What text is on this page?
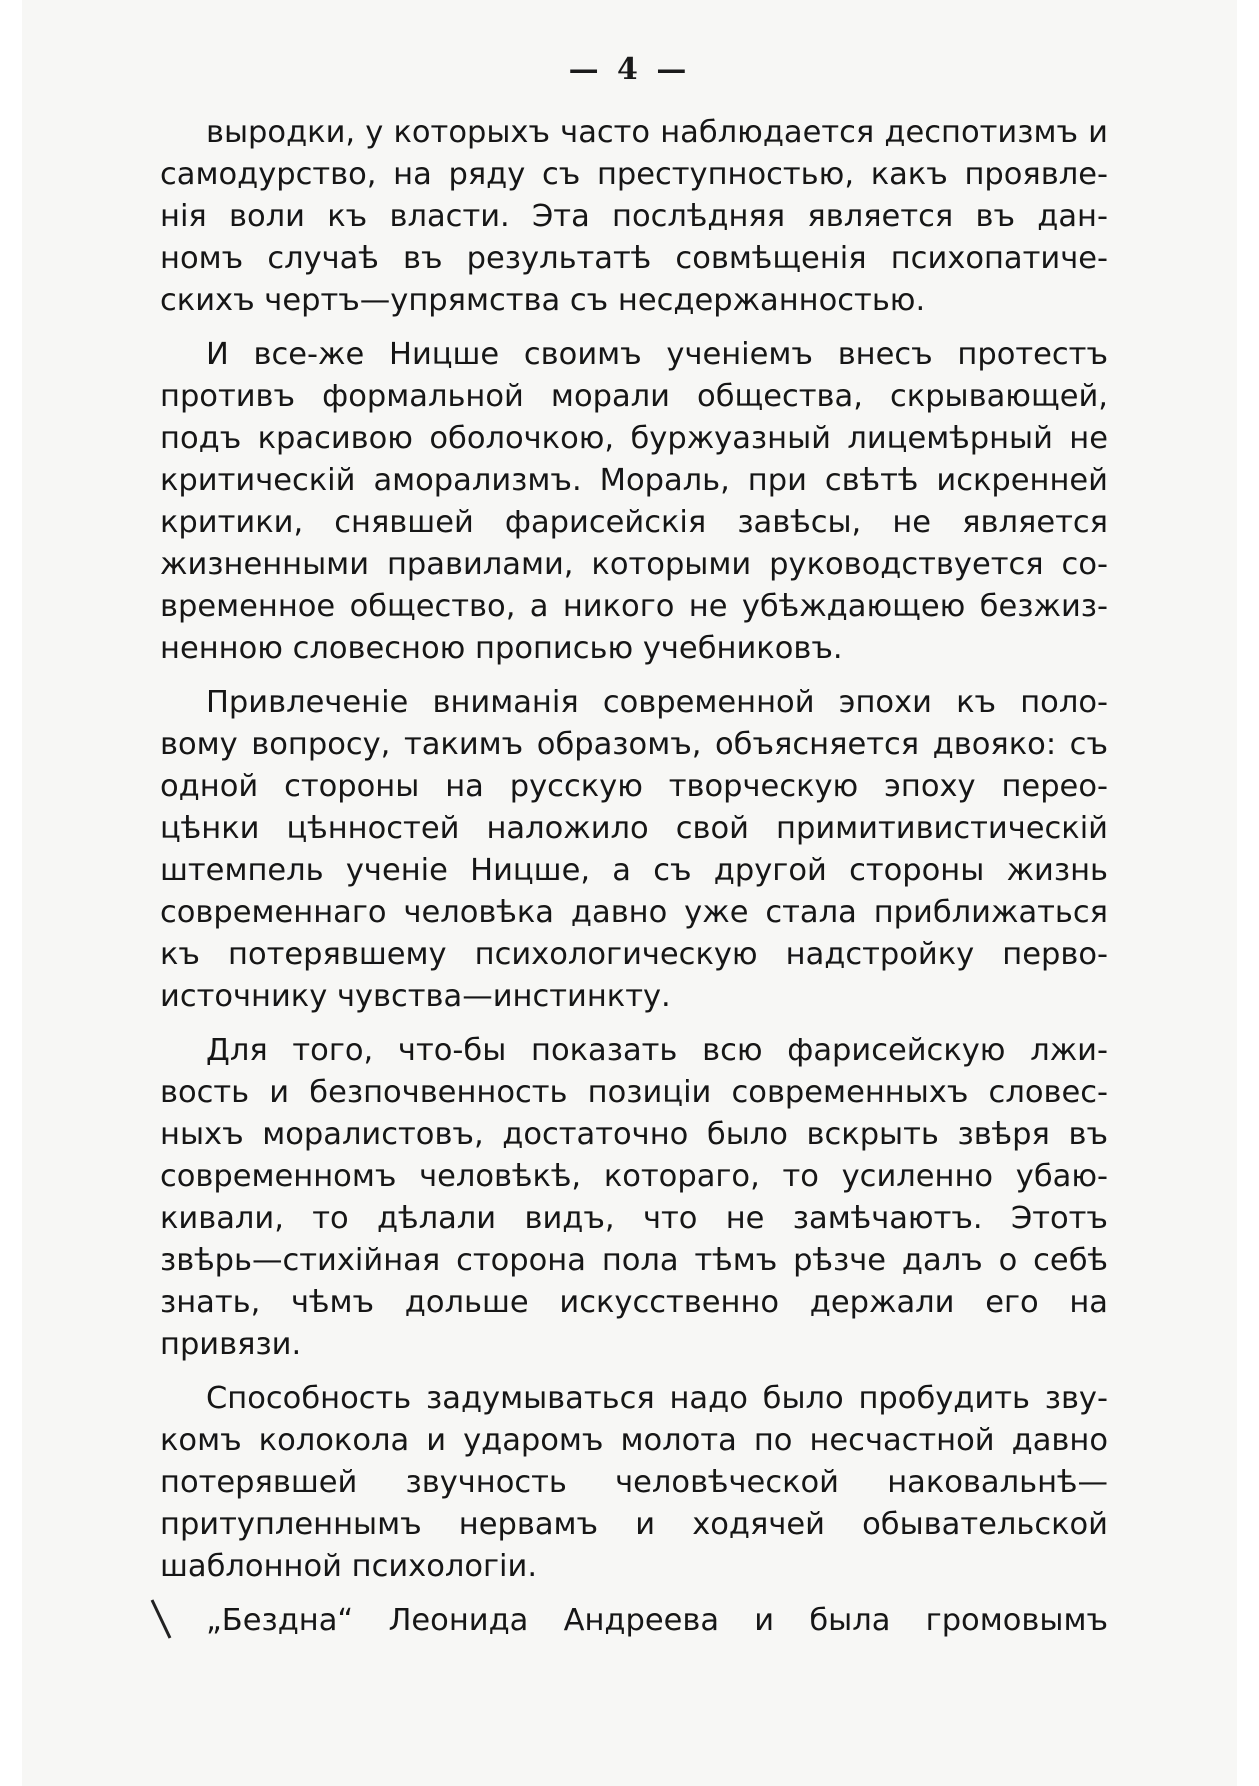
— 4 —

выродки, у которыхъ часто наблюдается деспотизмъ и
самодурство, на ряду съ преступностью, какъ проявле-
нія воли къ власти. Эта послѣдняя является въ дан-
номъ случаѣ въ результатѣ совмѣщенія психопатиче-
скихъ чертъ—упрямства съ несдержанностью.

И все-же Ницше своимъ ученіемъ внесъ протестъ
противъ формальной морали общества, скрывающей,
подъ красивою оболочкою, буржуазный лицемѣрный не
критическій аморализмъ. Мораль, при свѣтѣ искренней
критики, снявшей фарисейскія завѣсы, не является
жизненными правилами, которыми руководствуется со-
временное общество, а никого не убѣждающею безжиз-
ненною словесною прописью учебниковъ.

Привлеченіе вниманія современной эпохи къ поло-
вому вопросу, такимъ образомъ, объясняется двояко: съ
одной стороны на русскую творческую эпоху перео-
цѣнки цѣнностей наложило свой примитивистическій
штемпель ученіе Ницше, а съ другой стороны жизнь
современнаго человѣка давно уже стала приближаться
къ потерявшему психологическую надстройку перво-
источнику чувства—инстинкту.

Для того, что-бы показать всю фарисейскую лжи-
вость и безпочвенность позиціи современныхъ словес-
ныхъ моралистовъ, достаточно было вскрыть звѣря въ
современномъ человѣкѣ, котораго, то усиленно убаю-
кивали, то дѣлали видъ, что не замѣчаютъ. Этотъ
звѣрь—стихійная сторона пола тѣмъ рѣзче далъ о себѣ
знать, чѣмъ дольше искусственно держали его на
привязи.

Способность задумываться надо было пробудить зву-
комъ колокола и ударомъ молота по несчастной давно
потерявшей звучность человѣческой наковальнѣ—
притупленнымъ нервамъ и ходячей обывательской
шаблонной психологіи.

„Бездна“ Леонида Андреева и была громовымъ
